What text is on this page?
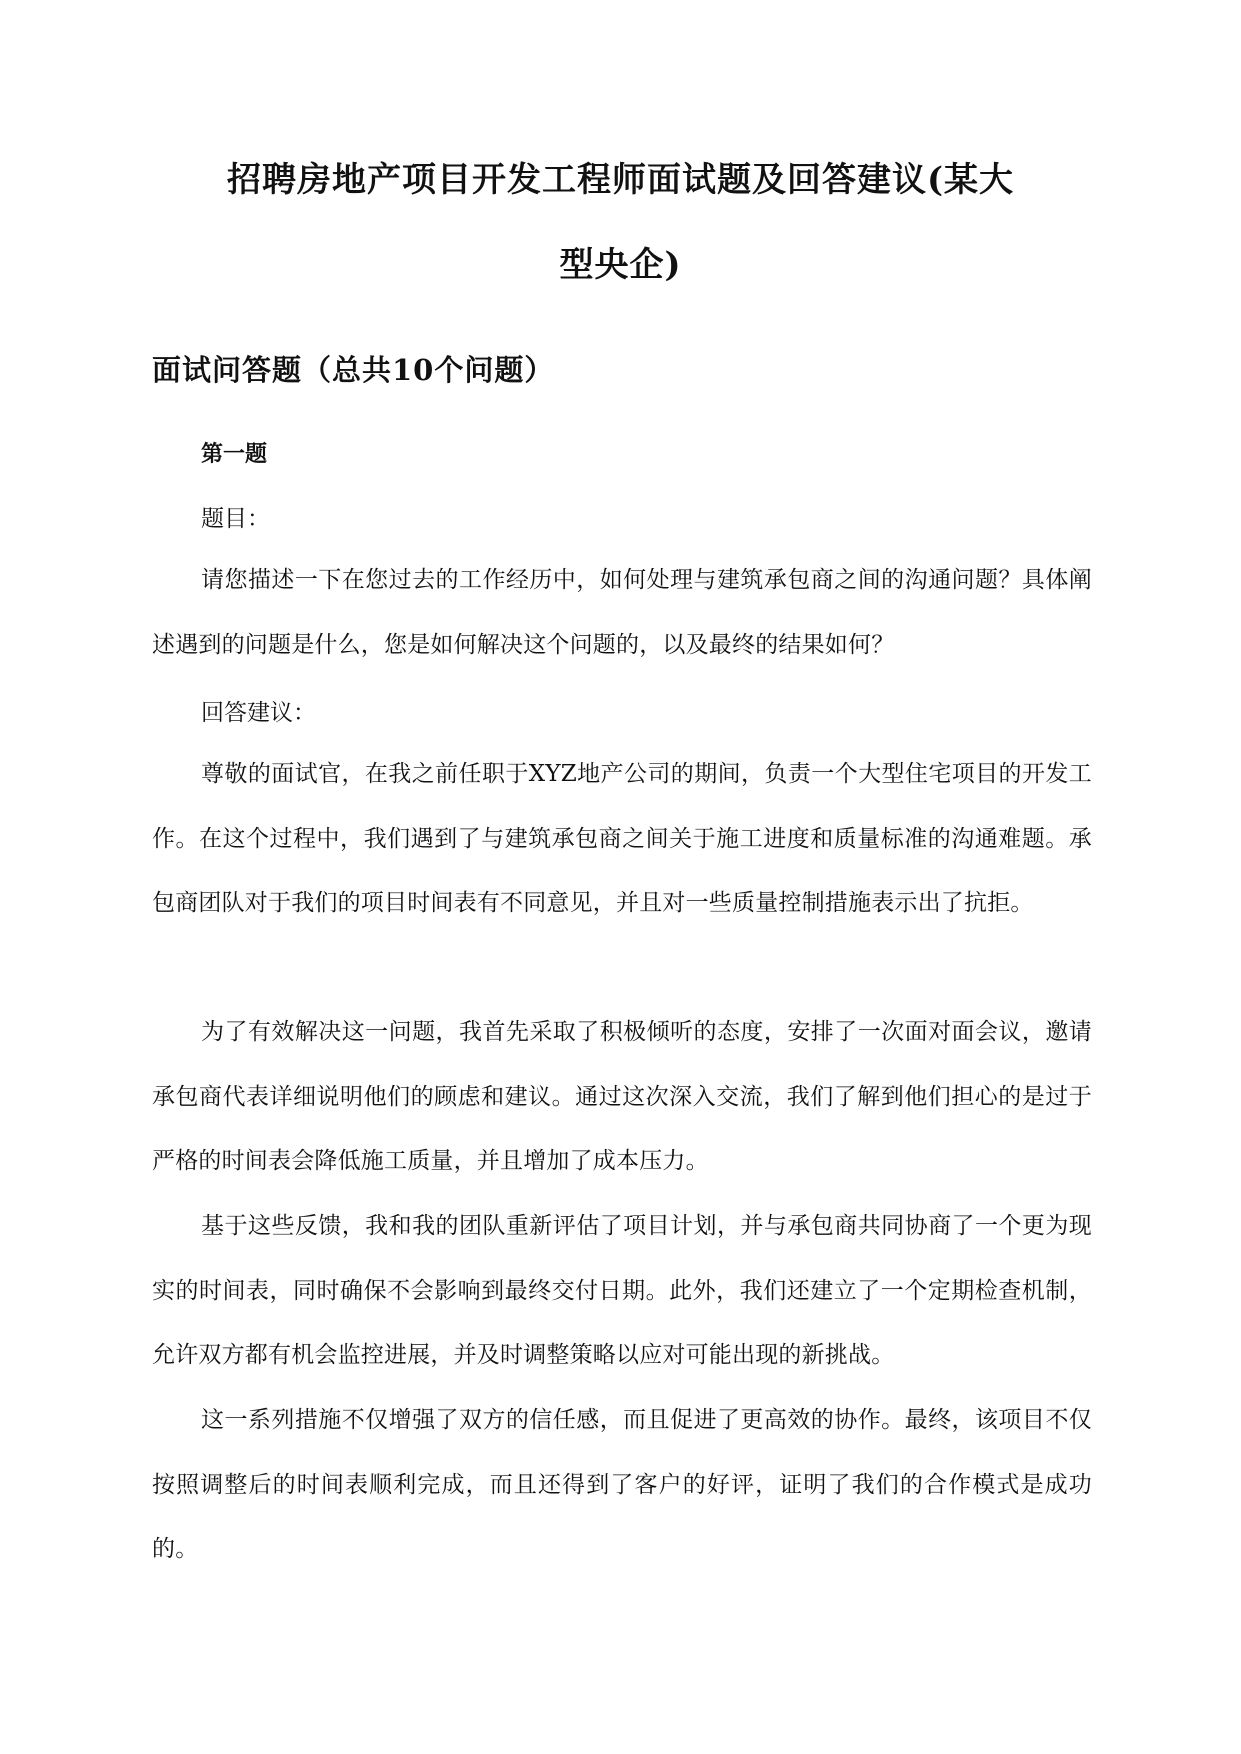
招聘房地产项目开发工程师面试题及回答建议(某大
型央企)
面试问答题（总共10个问题）
第一题

题目：

请您描述一下在您过去的工作经历中，如何处理与建筑承包商之间的沟通问题？具体阐述遇到的问题是什么，您是如何解决这个问题的，以及最终的结果如何？

回答建议：

尊敬的面试官，在我之前任职于XYZ地产公司的期间，负责一个大型住宅项目的开发工作。在这个过程中，我们遇到了与建筑承包商之间关于施工进度和质量标准的沟通难题。承包商团队对于我们的项目时间表有不同意见，并且对一些质量控制措施表示出了抗拒。

为了有效解决这一问题，我首先采取了积极倾听的态度，安排了一次面对面会议，邀请承包商代表详细说明他们的顾虑和建议。通过这次深入交流，我们了解到他们担心的是过于严格的时间表会降低施工质量，并且增加了成本压力。

基于这些反馈，我和我的团队重新评估了项目计划，并与承包商共同协商了一个更为现实的时间表，同时确保不会影响到最终交付日期。此外，我们还建立了一个定期检查机制，允许双方都有机会监控进展，并及时调整策略以应对可能出现的新挑战。

这一系列措施不仅增强了双方的信任感，而且促进了更高效的协作。最终，该项目不仅按照调整后的时间表顺利完成，而且还得到了客户的好评，证明了我们的合作模式是成功的。
